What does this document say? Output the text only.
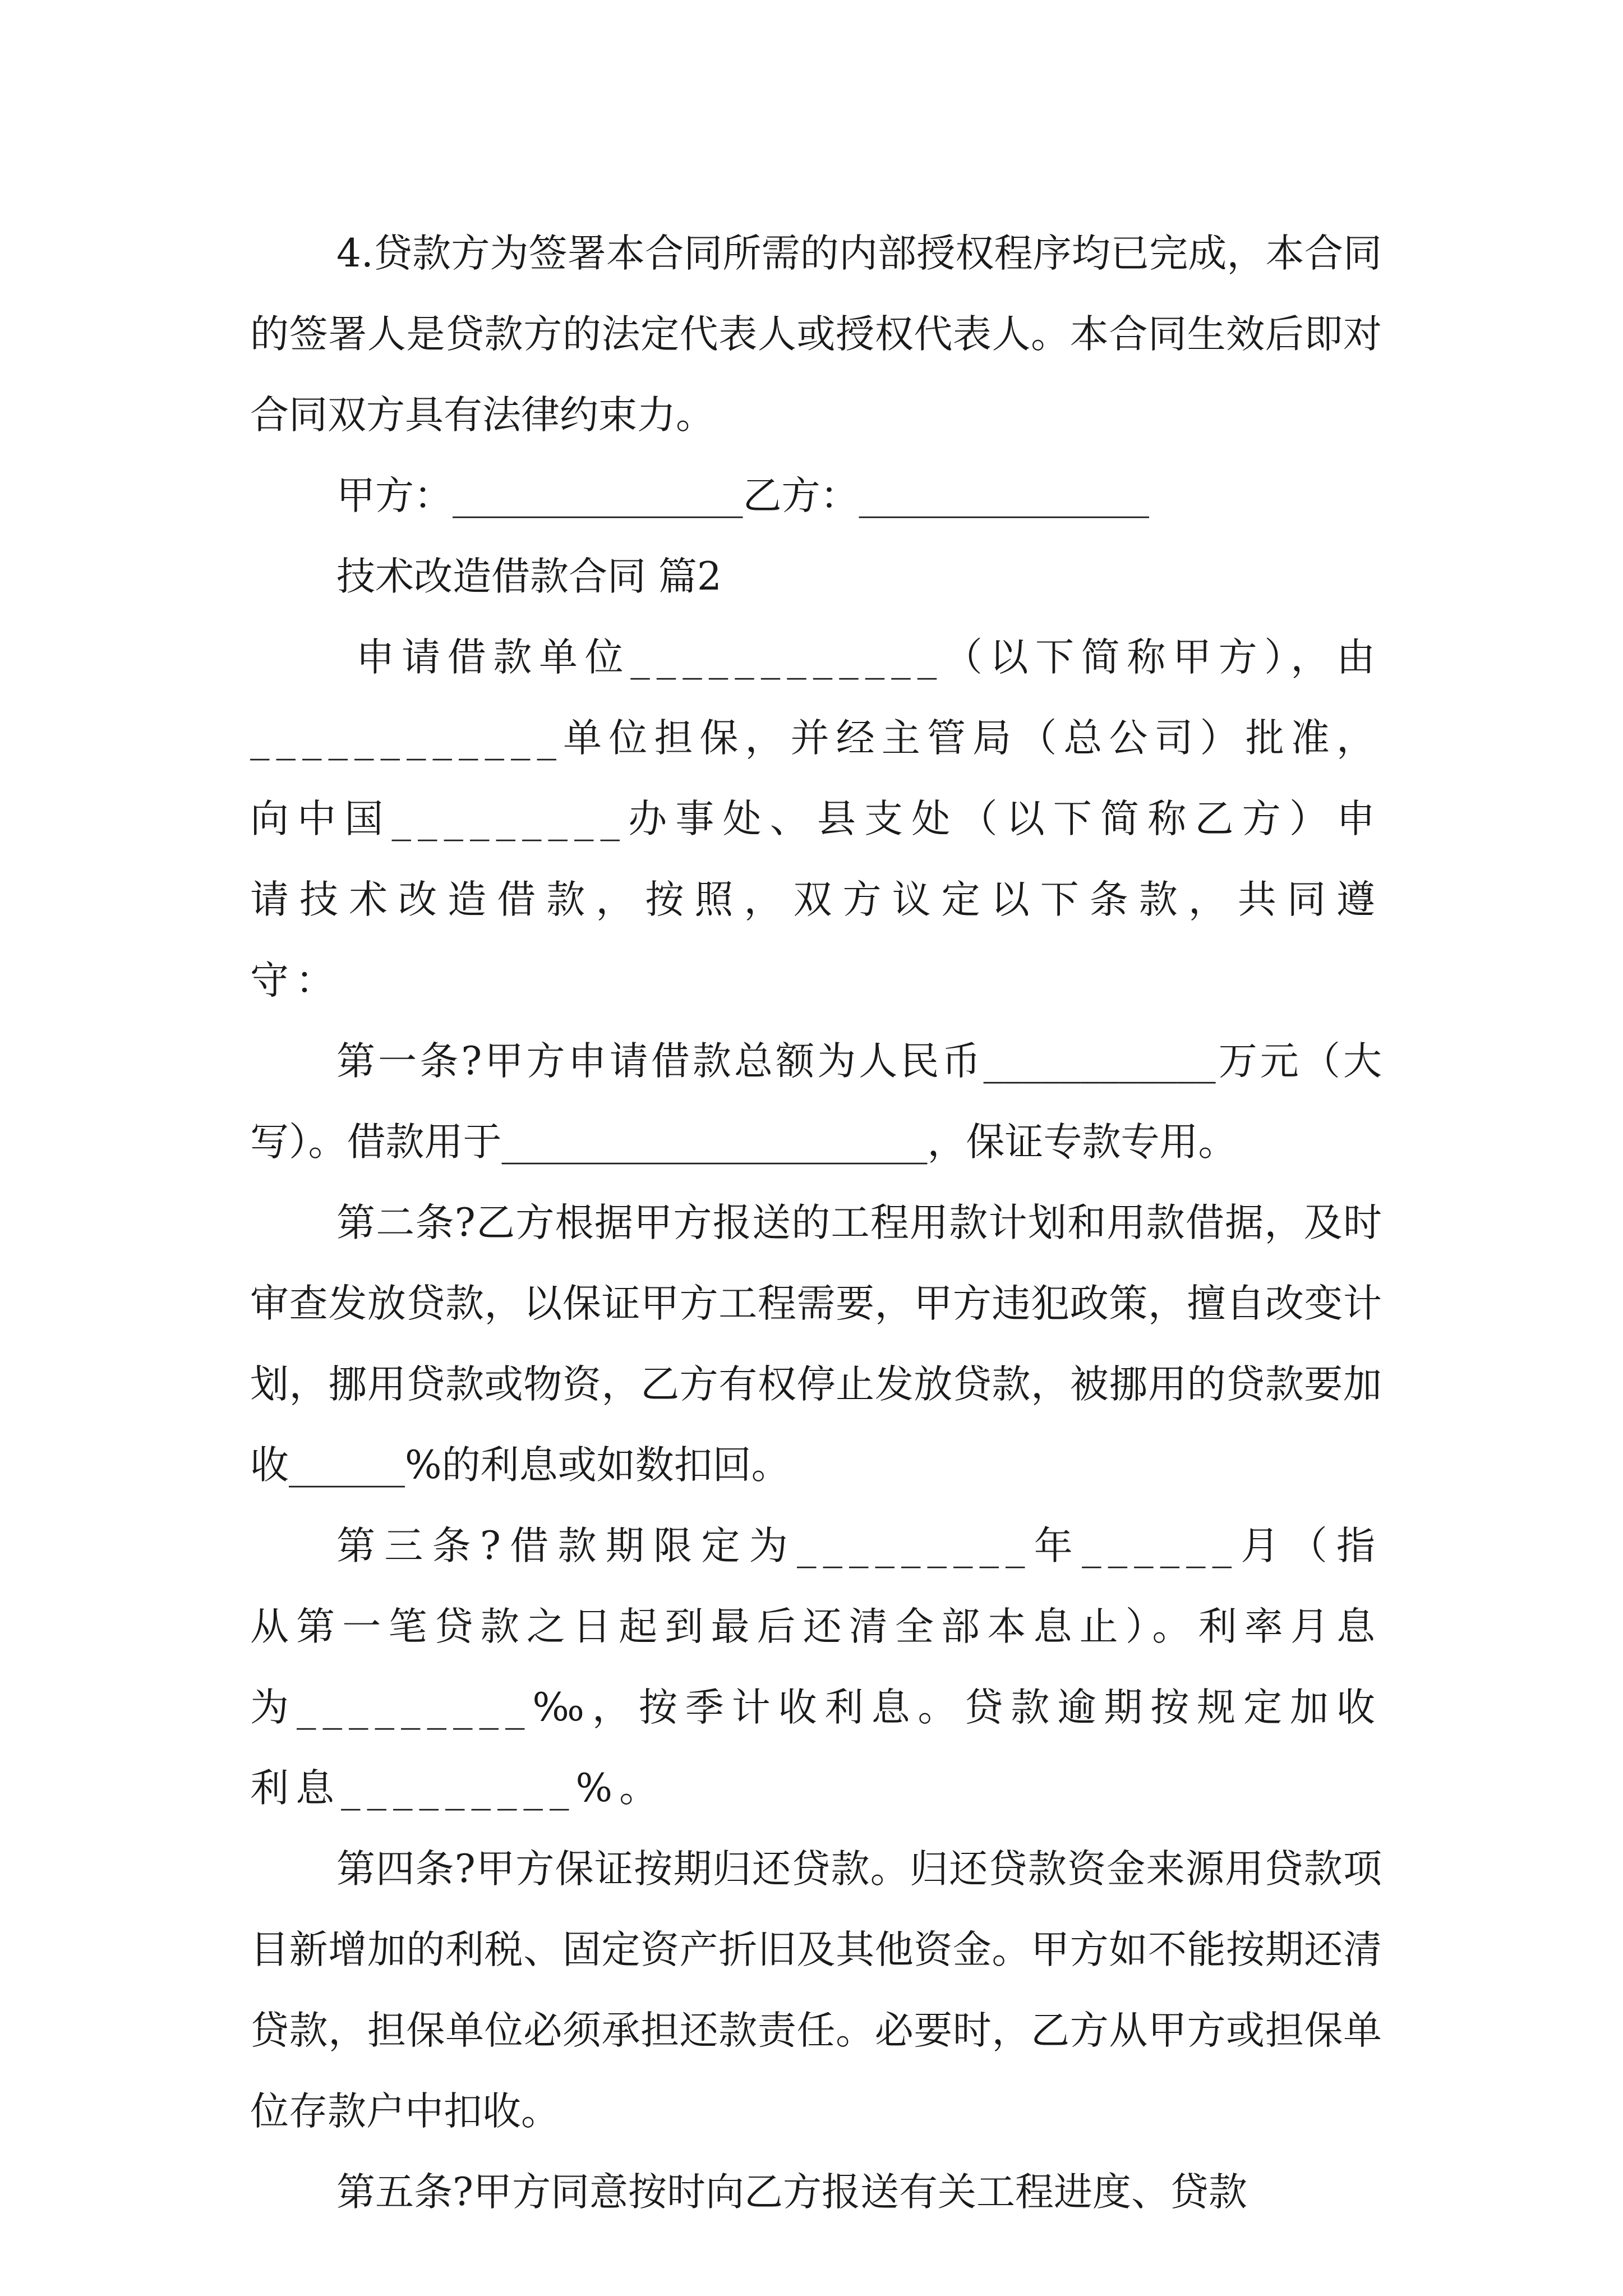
4.贷款方为签署本合同所需的内部授权程序均已完成，本合同的签署人是贷款方的法定代表人或授权代表人。本合同生效后即对合同双方具有法律约束力。

甲方：_______________乙方：_______________

技术改造借款合同 篇2

申请借款单位____________（以下简称甲方），由____________单位担保，并经主管局（总公司）批准，向中国_________办事处、县支处（以下简称乙方）申请技术改造借款，按照，双方议定以下条款，共同遵守：

第一条?甲方申请借款总额为人民币____________万元（大写）。借款用于______________________，保证专款专用。

第二条?乙方根据甲方报送的工程用款计划和用款借据，及时审查发放贷款，以保证甲方工程需要，甲方违犯政策，擅自改变计划，挪用贷款或物资，乙方有权停止发放贷款，被挪用的贷款要加收______%的利息或如数扣回。

第三条?借款期限定为_________年______月（指从第一笔贷款之日起到最后还清全部本息止）。利率月息为_________‰，按季计收利息。贷款逾期按规定加收利息_________%。

第四条?甲方保证按期归还贷款。归还贷款资金来源用贷款项目新增加的利税、固定资产折旧及其他资金。甲方如不能按期还清贷款，担保单位必须承担还款责任。必要时，乙方从甲方或担保单位存款户中扣收。

第五条?甲方同意按时向乙方报送有关工程进度、贷款
